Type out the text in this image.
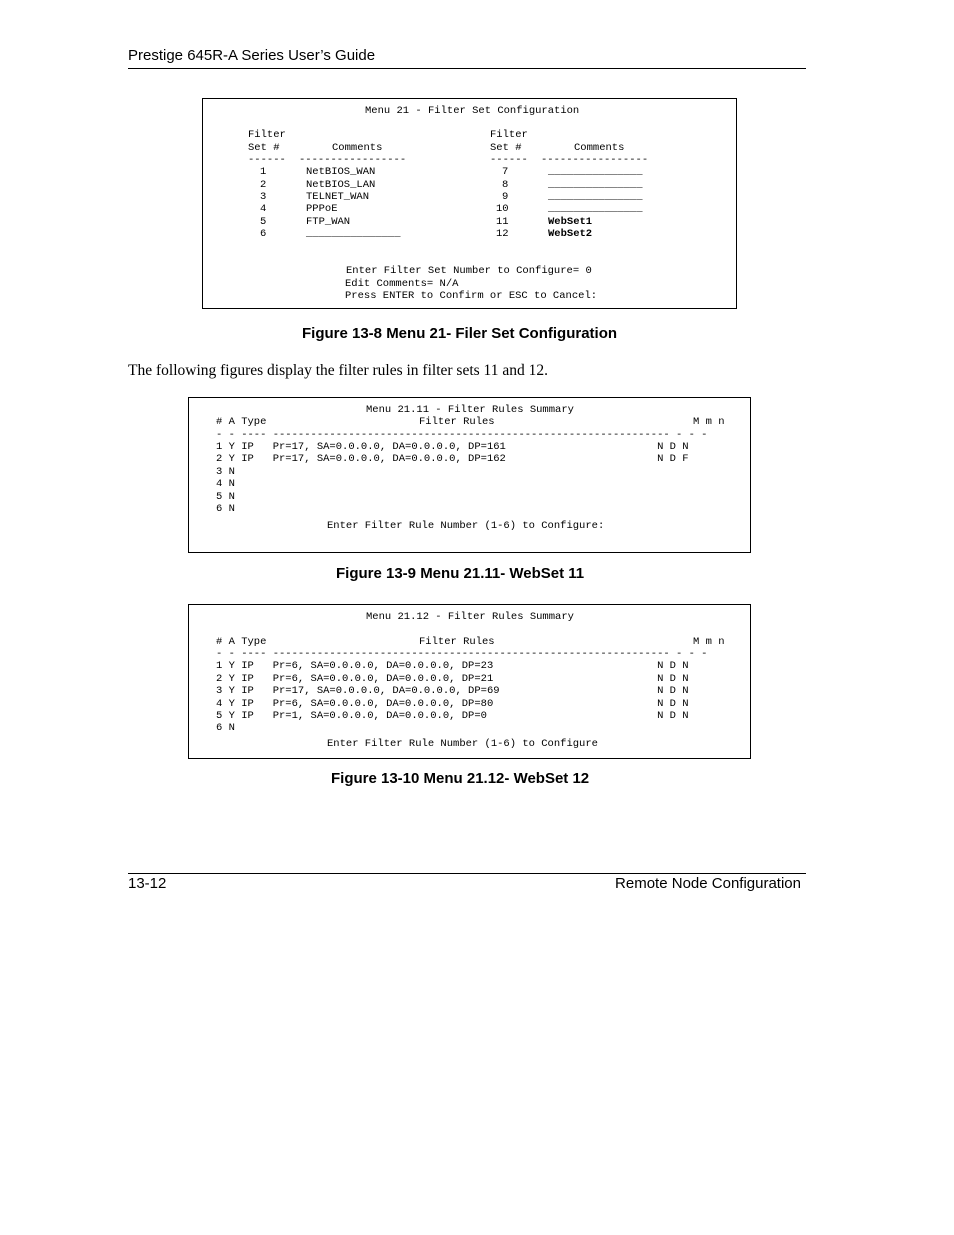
Prestige 645R-A Series User’s Guide
Menu 21 - Filter Set Configuration
Filter
Set #	Comments
------ -----------------
Filter
Set #	Comments
------ -----------------
1	NetBIOS_WAN
2	NetBIOS_LAN
3	TELNET_WAN
4	PPPoE
5	FTP_WAN
6	_______________
7	_______________
8	_______________
9	_______________
10	_______________
11	WebSet1
12	WebSet2
Enter Filter Set Number to Configure= 0
Edit Comments= N/A
Press ENTER to Confirm or ESC to Cancel:
Figure 13-8 Menu 21- Filer Set Configuration
The following figures display the filter rules in filter sets 11 and 12.
Menu 21.11 - Filter Rules Summary
# A Type	Filter Rules	M m n
- - ---- --------------------------------------------------------------- - - -
1 Y IP   Pr=17, SA=0.0.0.0, DA=0.0.0.0, DP=161                        N D N
2 Y IP   Pr=17, SA=0.0.0.0, DA=0.0.0.0, DP=162                        N D F
3 N
4 N
5 N
6 N
Enter Filter Rule Number (1-6) to Configure:
Figure 13-9 Menu 21.11- WebSet 11
Menu 21.12 - Filter Rules Summary
# A Type	Filter Rules	M m n
- - ---- --------------------------------------------------------------- - - -
1 Y IP   Pr=6, SA=0.0.0.0, DA=0.0.0.0, DP=23                          N D N
2 Y IP   Pr=6, SA=0.0.0.0, DA=0.0.0.0, DP=21                          N D N
3 Y IP   Pr=17, SA=0.0.0.0, DA=0.0.0.0, DP=69                         N D N
4 Y IP   Pr=6, SA=0.0.0.0, DA=0.0.0.0, DP=80                          N D N
5 Y IP   Pr=1, SA=0.0.0.0, DA=0.0.0.0, DP=0                           N D N
6 N
Enter Filter Rule Number (1-6) to Configure
Figure 13-10 Menu 21.12- WebSet 12
13-12	Remote Node Configuration
